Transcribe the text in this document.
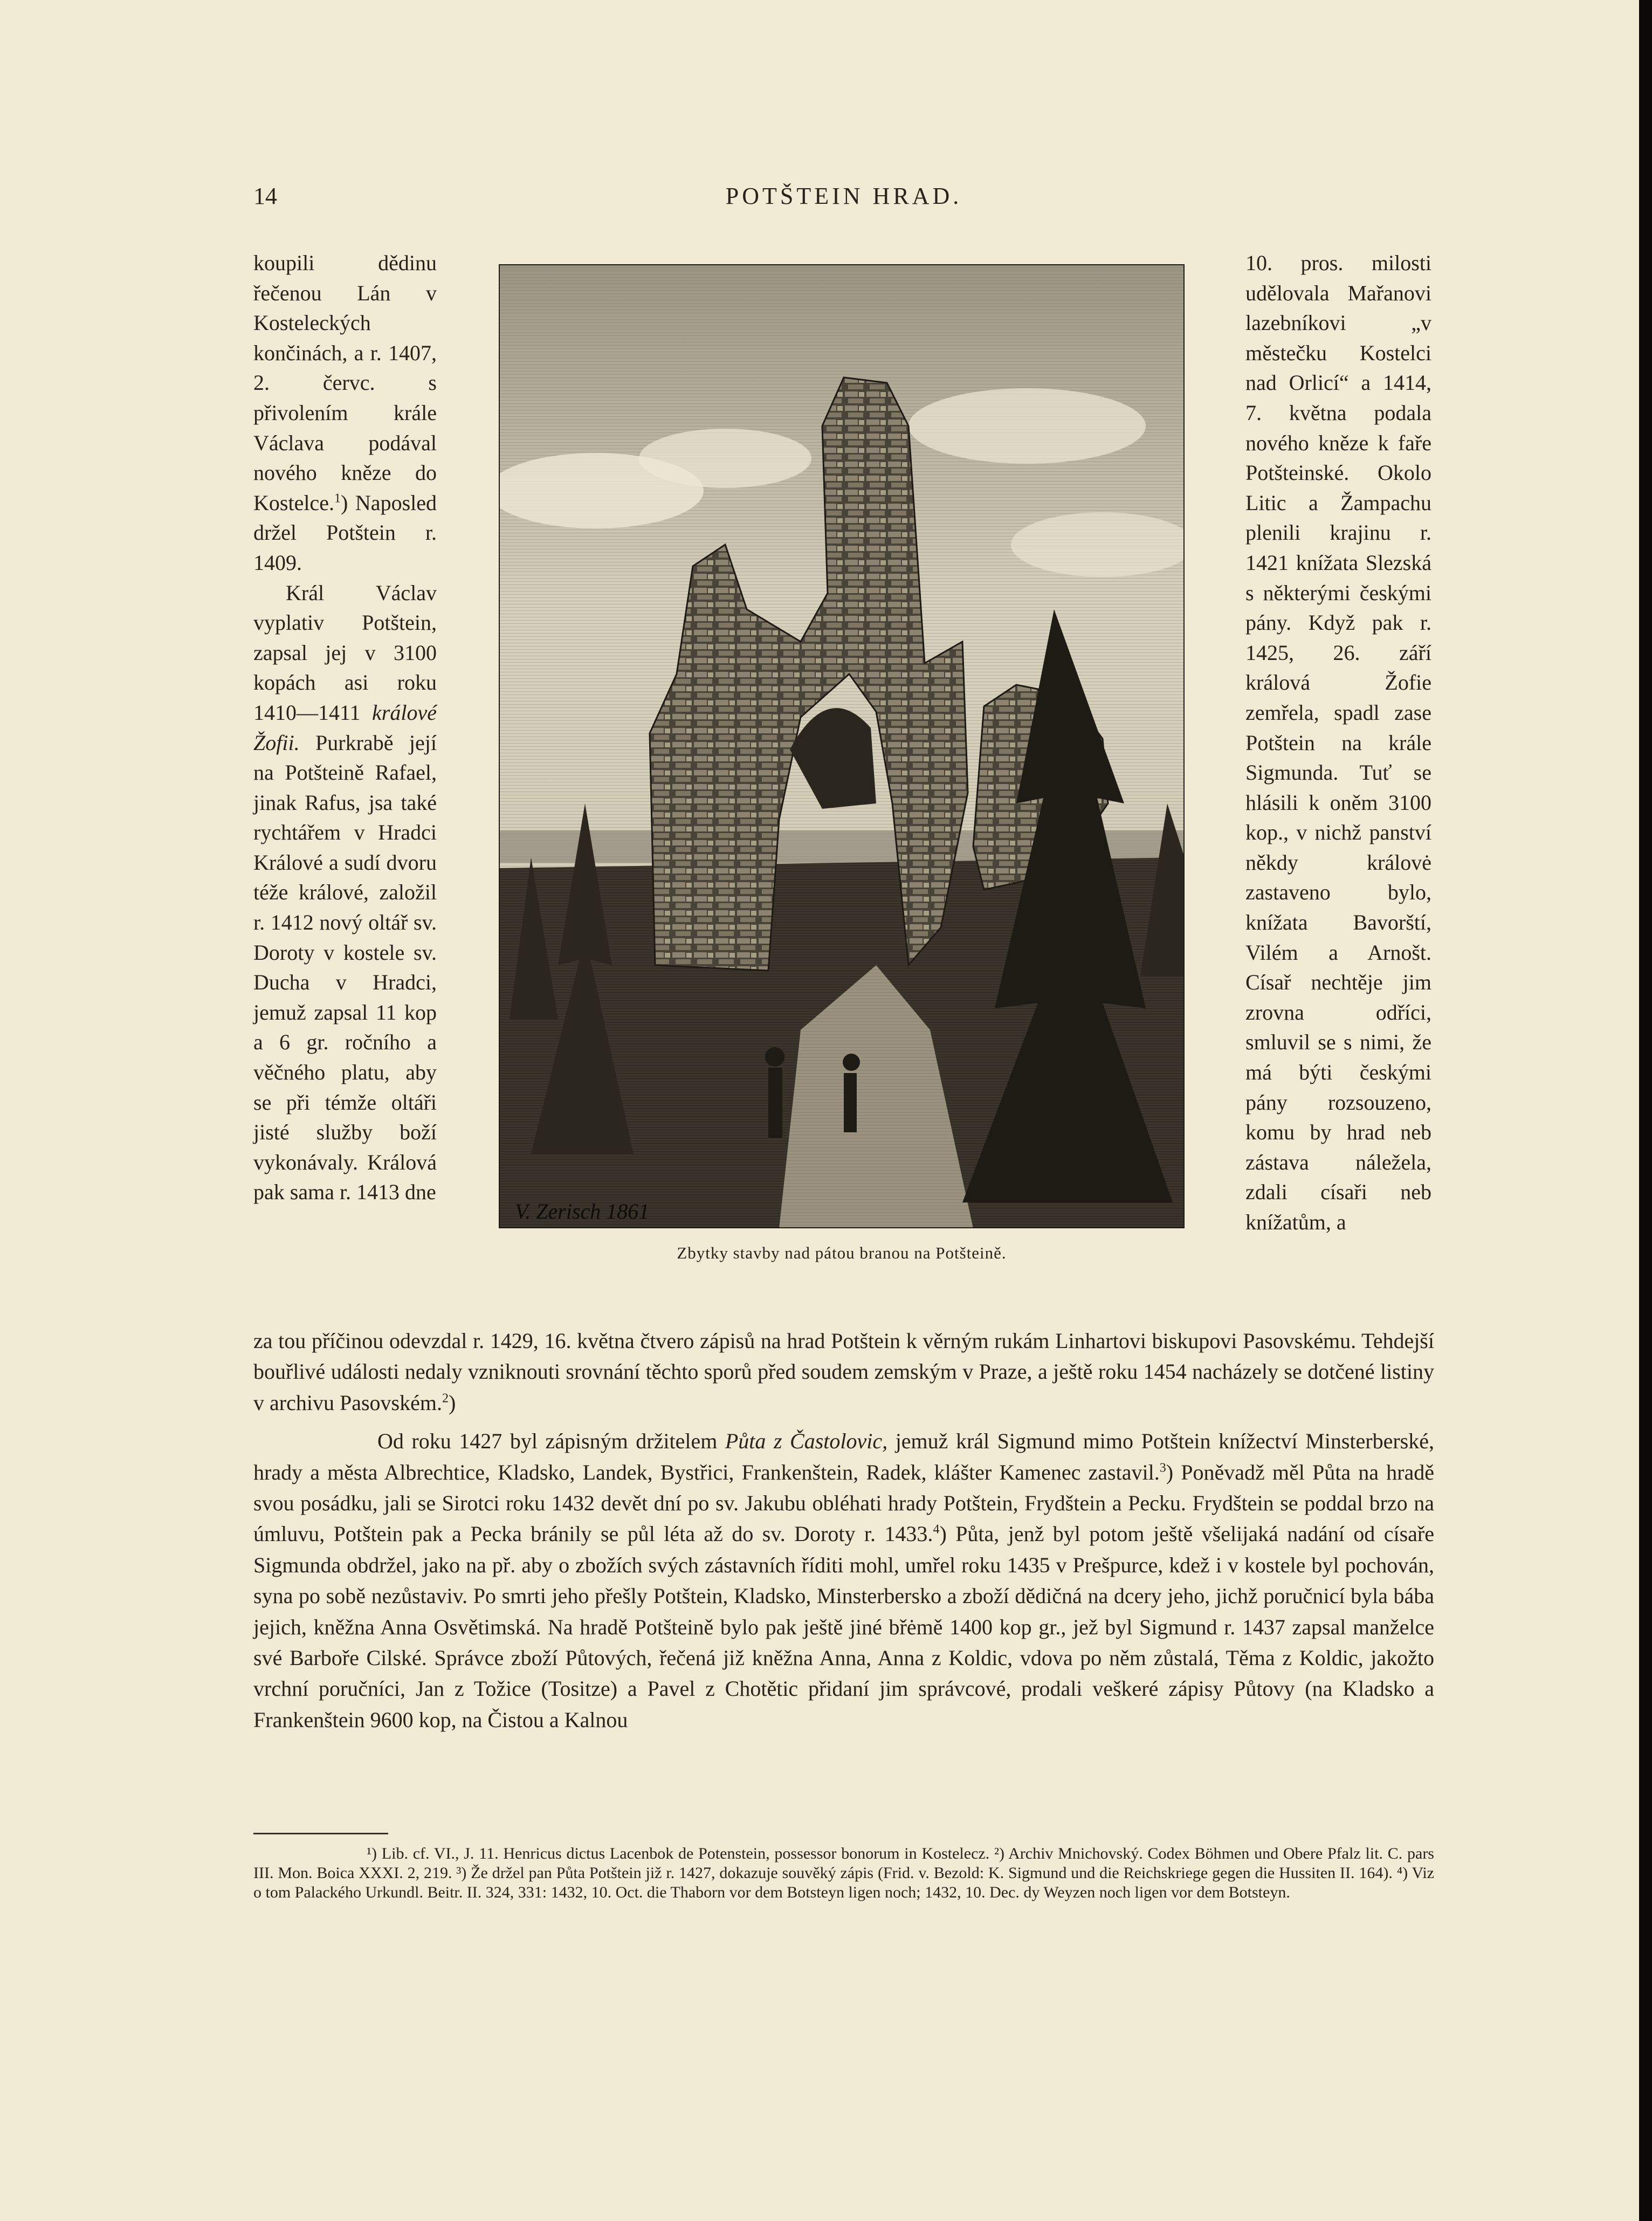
14	POTŠTEIN HRAD.

koupili dědinu řečenou Lán v Kosteleckých končinách, a r. 1407, 2. červc. s přivolením krále Václava podával nového kněze do Kostelce.$^1$) Naposled držel Potštein r. 1409.

Král Václav vyplativ Potštein, zapsal jej v 3100 kopách asi roku 1410—1411 králové Žofii. Purkrabě její na Potšteině Rafael, jinak Rafus, jsa také rychtářem v Hradci Králové a sudí dvoru téže králové, založil r. 1412 nový oltář sv. Doroty v kostele sv. Ducha v Hradci, jemuž zapsal 11 kop a 6 gr. ročního a věčného platu, aby se při témže oltáři jisté služby boží vykonávaly. Králová pak sama r. 1413 dne

V. Zerisch 1861
Zbytky stavby nad pátou branou na Potšteině.

10. pros. milosti udělovala Mařanovi lazebníkovi „v městečku Kostelci nad Orlicí“ a 1414, 7. května podala nového kněze k faře Potšteinské. Okolo Litic a Žampachu plenili krajinu r. 1421 knížata Slezská s některými českými pány. Když pak r. 1425, 26. září králová Žofie zemřela, spadl zase Potštein na krále Sigmunda. Tuť se hlásili k oněm 3100 kop., v nichž panství někdy královė zastaveno bylo, knížata Bavorští, Vilém a Arnošt. Císař nechtěje jim zrovna odříci, smluvil se s nimi, že má býti českými pány rozsouzeno, komu by hrad neb zástava náležela, zdali císaři neb knížatům, a

za tou příčinou odevzdal r. 1429, 16. května čtvero zápisů na hrad Potštein k věrným rukám Linhartovi biskupovi Pasovskému. Tehdejší bouřlivé události nedaly vzniknouti srovnání těchto sporů před soudem zemským v Praze, a ještě roku 1454 nacházely se dotčené listiny v archivu Pasovském.$^2$)

Od roku 1427 byl zápisným držitelem Půta z Častolovic, jemuž král Sigmund mimo Potštein knížectví Minsterberské, hrady a města Albrechtice, Kladsko, Landek, Bystřici, Frankenštein, Radek, klášter Kamenec zastavil.$^3$) Poněvadž měl Půta na hradě svou posádku, jali se Sirotci roku 1432 devět dní po sv. Jakubu obléhati hrady Potštein, Frydštein a Pecku. Frydštein se poddal brzo na úmluvu, Potštein pak a Pecka bránily se půl léta až do sv. Doroty r. 1433.$^4$) Půta, jenž byl potom ještě všelijaká nadání od císaře Sigmunda obdržel, jako na př. aby o zbožích svých zástavních říditi mohl, umřel roku 1435 v Prešpurce, kdež i v kostele byl pochován, syna po sobě nezůstaviv. Po smrti jeho přešly Potštein, Kladsko, Minsterbersko a zboží dědičná na dcery jeho, jichž poručnicí byla bába jejich, kněžna Anna Osvětimská. Na hradě Potšteině bylo pak ještě jiné břėmě 1400 kop gr., jež byl Sigmund r. 1437 zapsal manželce své Barboře Cilské. Správce zboží Půtových, řečená již kněžna Anna, Anna z Koldic, vdova po něm zůstalá, Těma z Koldic, jakožto vrchní poručníci, Jan z Tožice (Tositze) a Pavel z Chotětic přidaní jim správcové, prodali veškeré zápisy Půtovy (na Kladsko a Frankenštein 9600 kop, na Čistou a Kalnou

¹) Lib. cf. VI., J. 11. Henricus dictus Lacenbok de Potenstein, possessor bonorum in Kostelecz. ²) Archiv Mnichovský. Codex Böhmen und Obere Pfalz lit. C. pars III. Mon. Boica XXXI. 2, 219. ³) Že držel pan Půta Potštein již r. 1427, dokazuje souvěký zápis (Frid. v. Bezold: K. Sigmund und die Reichskriege gegen die Hussiten II. 164). ⁴) Viz o tom Palackého Urkundl. Beitr. II. 324, 331: 1432, 10. Oct. die Thaborn vor dem Botsteyn ligen noch; 1432, 10. Dec. dy Weyzen noch ligen vor dem Botsteyn.
